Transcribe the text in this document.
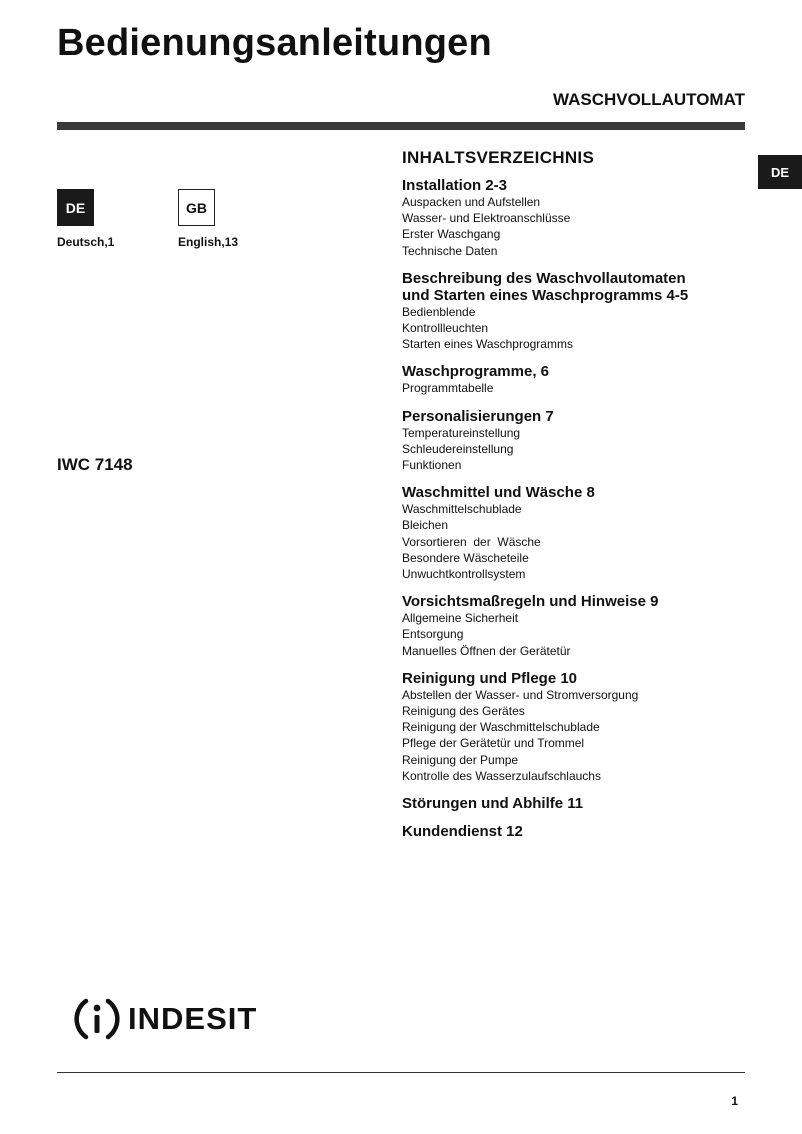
Bedienungsanleitungen
WASCHVOLLAUTOMAT
DE
DE
Deutsch,1
GB
English,13
IWC 7148
INHALTSVERZEICHNIS
Installation 2-3
Auspacken und Aufstellen
Wasser- und Elektroanschlüsse
Erster Waschgang
Technische Daten
Beschreibung des Waschvollautomaten
und Starten eines Waschprogramms 4-5
Bedienblende
Kontrollleuchten
Starten eines Waschprogramms
Waschprogramme, 6
Programmtabelle
Personalisierungen 7
Temperatureinstellung
Schleudereinstellung
Funktionen
Waschmittel und Wäsche 8
Waschmittelschublade
Bleichen
Vorsortieren  der  Wäsche
Besondere Wäscheteile
Unwuchtkontrollsystem
Vorsichtsmaßregeln und Hinweise 9
Allgemeine Sicherheit
Entsorgung
Manuelles Öffnen der Gerätetür
Reinigung und Pflege 10
Abstellen der Wasser- und Stromversorgung
Reinigung des Gerätes
Reinigung der Waschmittelschublade
Pflege der Gerätetür und Trommel
Reinigung der Pumpe
Kontrolle des Wasserzulaufschlauchs
Störungen und Abhilfe 11
Kundendienst 12
INDESIT
1
